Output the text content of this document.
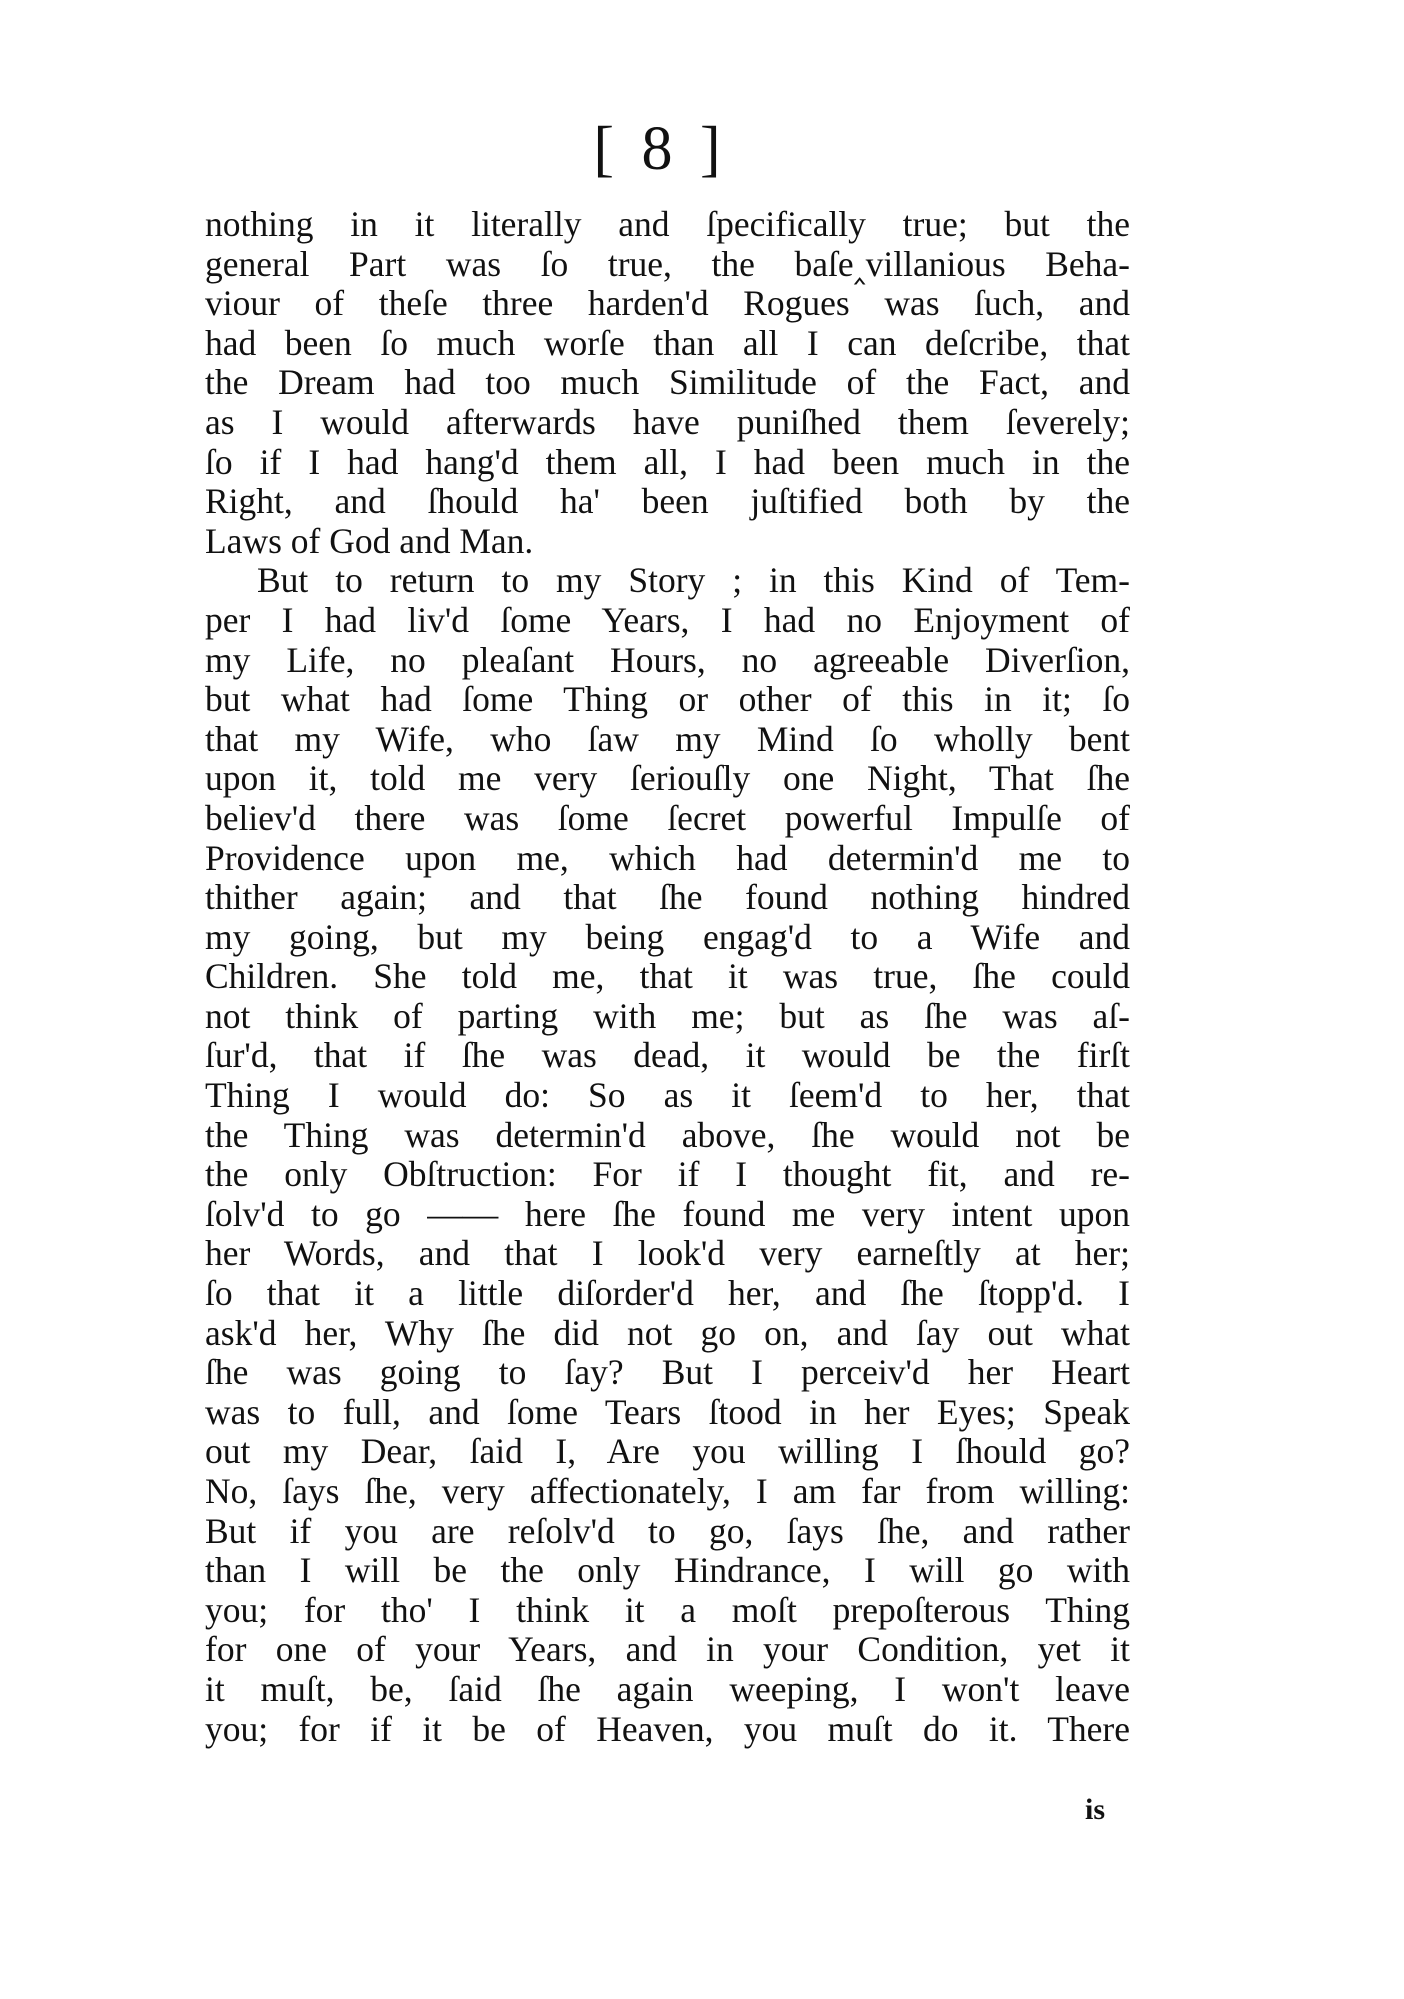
[ 8 ]
nothing in it literally and ſpecifically true; but the
general Part was ſo true, the baſe‸villanious Beha-
viour of theſe three harden'd Rogues was ſuch, and
had been ſo much worſe than all I can deſcribe, that
the Dream had too much Similitude of the Fact, and
as I would afterwards have puniſhed them ſeverely;
ſo if I had hang'd them all, I had been much in the
Right, and ſhould ha' been juſtified both by the
Laws of God and Man.
But to return to my Story ; in this Kind of Tem-
per I had liv'd ſome Years, I had no Enjoyment of
my Life, no pleaſant Hours, no agreeable Diverſion,
but what had ſome Thing or other of this in it; ſo
that my Wife, who ſaw my Mind ſo wholly bent
upon it, told me very ſeriouſly one Night, That ſhe
believ'd there was ſome ſecret powerful Impulſe of
Providence upon me, which had determin'd me to
thither again; and that ſhe found nothing hindred
my going, but my being engag'd to a Wife and
Children. She told me, that it was true, ſhe could
not think of parting with me; but as ſhe was aſ-
ſur'd, that if ſhe was dead, it would be the firſt
Thing I would do: So as it ſeem'd to her, that
the Thing was determin'd above, ſhe would not be
the only Obſtruction: For if I thought fit, and re-
ſolv'd to go —— here ſhe found me very intent upon
her Words, and that I look'd very earneſtly at her;
ſo that it a little diſorder'd her, and ſhe ſtopp'd. I
ask'd her, Why ſhe did not go on, and ſay out what
ſhe was going to ſay? But I perceiv'd her Heart
was to full, and ſome Tears ſtood in her Eyes; Speak
out my Dear, ſaid I, Are you willing I ſhould go?
No, ſays ſhe, very affectionately, I am far from willing:
But if you are reſolv'd to go, ſays ſhe, and rather
than I will be the only Hindrance, I will go with
you; for tho' I think it a moſt prepoſterous Thing
for one of your Years, and in your Condition, yet it
it muſt, be, ſaid ſhe again weeping, I won't leave
you; for if it be of Heaven, you muſt do it. There
is
